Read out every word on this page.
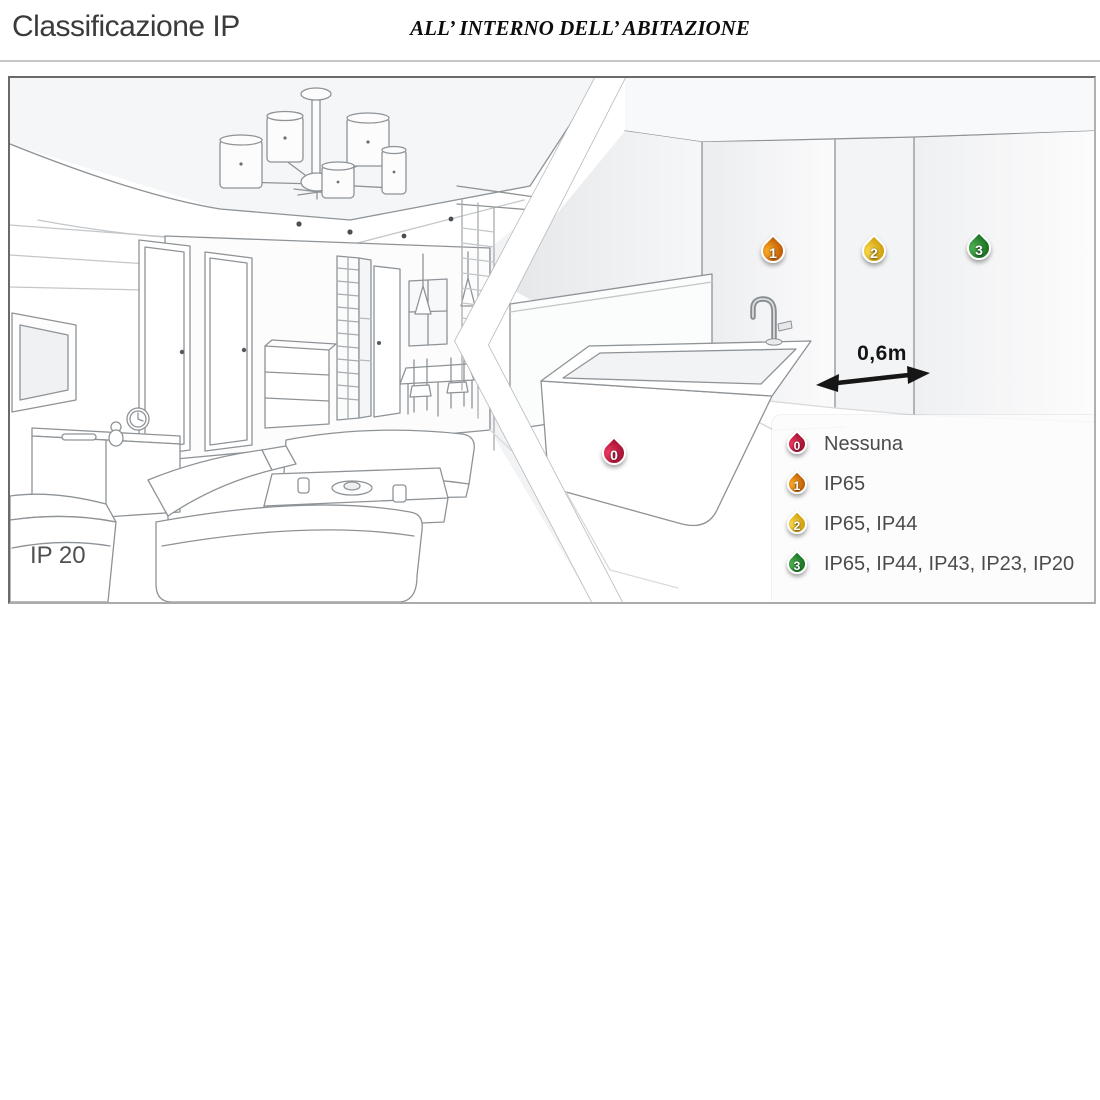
Classificazione IP	ALL’ INTERNO DELL’ ABITAZIONE
IP 20
0,6m
0
1	2	3
0	Nessuna
1	IP65
2	IP65, IP44
3	IP65, IP44, IP43, IP23, IP20
